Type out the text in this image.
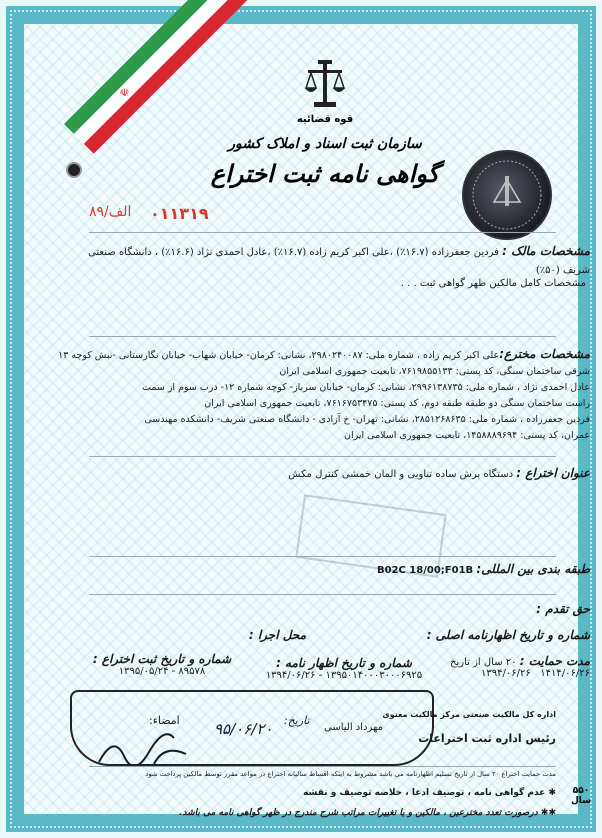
☫
قوه قضائیه
سازمان ثبت اسناد و املاک کشور
گواهی نامه ثبت اختراع
۰۱۱۳۱۹
الف/۸۹
مشخصات مالک : فردین جعفرزاده (۱۶.۷٪) ،علی اکبر کریم زاده (۱۶.۷٪) ،عادل احمدی نژاد (۱۶.۶٪) ، دانشگاه صنعتی شریف (۵۰٪)
مشخصات کامل مالکین ظهر گواهی ثبت . . .
مشخصات مخترع:علی اکبر کریم زاده ، شماره ملی: ۲۹۸۰۲۴۰۰۸۷، نشانی: کرمان- خیابان شهاب- خیابان نگارستانی -نبش کوچه ۱۳
شرقی ساختمان سنگی، کد پستی: ۷۶۱۹۸۵۵۱۳۳، تابعیت جمهوری اسلامی ایران
عادل احمدی نژاد ، شماره ملی: ۲۹۹۶۱۳۸۷۳۵، نشانی: کرمان- خیابان سرباز- کوچه شماره ۱۲- درب سوم از سمت
راست ساختمان سنگی دو طبقه طبقه دوم، کد پستی: ۷۶۱۶۷۵۳۴۷۵، تابعیت جمهوری اسلامی ایران
فردین جعفرزاده ، شماره ملی: ۲۸۵۱۲۶۸۶۳۵، نشانی: تهران- خ آزادی - دانشگاه صنعتی شریف- دانشکده مهندسی
عمران، کد پستی: ۱۴۵۸۸۸۹۶۹۴، تابعیت جمهوری اسلامی ایران
عنوان اختراع : دستگاه برش ساده تناوبی و المان خمشی کنترل مکش
طبقه بندی بین المللی: B02C 18/00;F01B
حق تقدم :
شماره و تاریخ اظهارنامه اصلی :
محل اجرا :
شماره و تاریخ ثبت اختراع :
۱۳۹۵/۰۵/۲۴ - ۸۹۵۷۸
شماره و تاریخ اظهار نامه :
۱۳۹۴/۰۶/۲۶ - ۱۳۹۵۰۱۴۰۰۰۳۰۰۰۶۹۲۵
مدت حمایت : ۲۰ سال از تاریخ
۱۳۹۴/۰۶/۲۶ ۱۴۱۴/۰۶/۲۶
امضاء:	تاریخ:
۹۵/۰۶/۲۰	مهرداد الیاسی
اداره کل مالکیت صنعتی مرکز مالکیت معنوی
رئیس اداره ثبت اختراعات
مدت حمایت اختراع ۲۰ سال از تاریخ تسلیم اظهارنامه می باشد مشروط به اینکه اقساط سالیانه اختراع در مواعد مقرر توسط مالکین پرداخت شود
✱ عدم گواهی نامه ، توصیف ادعا ، خلاصه توصیف و نقشه
✱✱ درصورت تعدد مخترعین ، مالکین و یا تغییرات مراتب شرح مندرج در ظهر گواهی نامه می باشد.
۵۵۰
سال
